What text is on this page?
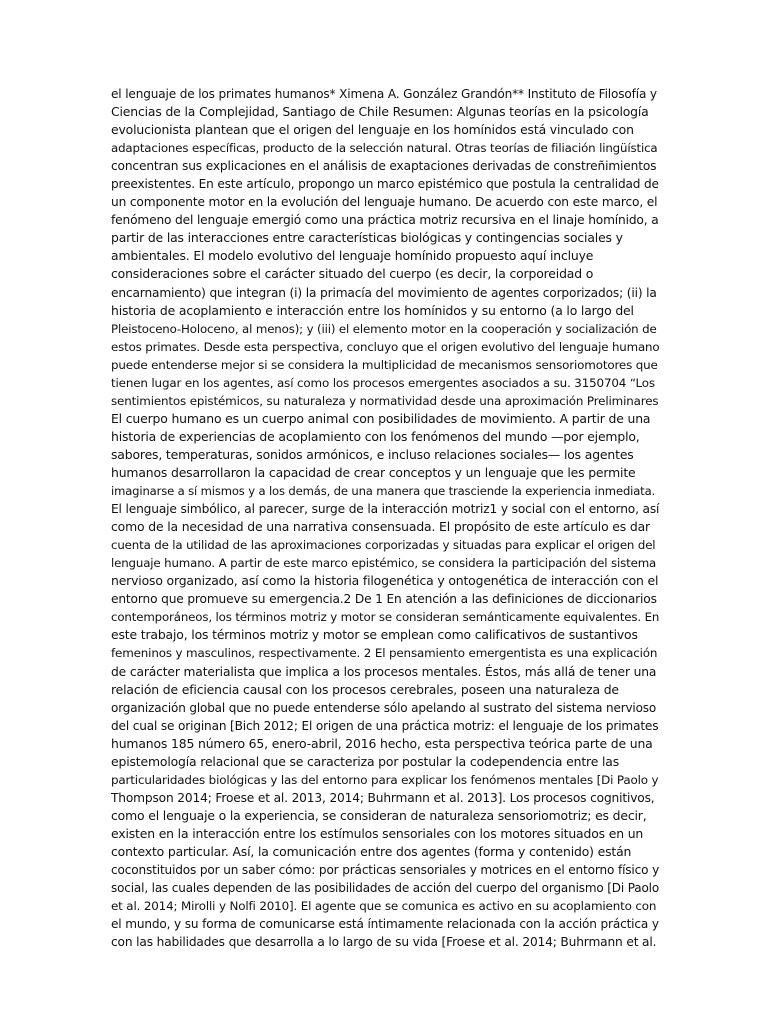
el lenguaje de los primates humanos* Ximena A. González Grandón** Instituto de Filosofía y
Ciencias de la Complejidad, Santiago de Chile Resumen: Algunas teorías en la psicología
evolucionista plantean que el origen del lenguaje en los homínidos está vinculado con
adaptaciones específicas, producto de la selección natural. Otras teorías de filiación lingüística
concentran sus explicaciones en el análisis de exaptaciones derivadas de constreñimientos
preexistentes. En este artículo, propongo un marco epistémico que postula la centralidad de
un componente motor en la evolución del lenguaje humano. De acuerdo con este marco, el
fenómeno del lenguaje emergió como una práctica motriz recursiva en el linaje homínido, a
partir de las interacciones entre características biológicas y contingencias sociales y
ambientales. El modelo evolutivo del lenguaje homínido propuesto aquí incluye
consideraciones sobre el carácter situado del cuerpo (es decir, la corporeidad o
encarnamiento) que integran (i) la primacía del movimiento de agentes corporizados; (ii) la
historia de acoplamiento e interacción entre los homínidos y su entorno (a lo largo del
Pleistoceno-Holoceno, al menos); y (iii) el elemento motor en la cooperación y socialización de
estos primates. Desde esta perspectiva, concluyo que el origen evolutivo del lenguaje humano
puede entenderse mejor si se considera la multiplicidad de mecanismos sensoriomotores que
tienen lugar en los agentes, así como los procesos emergentes asociados a su. 3150704 “Los
sentimientos epistémicos, su naturaleza y normatividad desde una aproximación Preliminares
El cuerpo humano es un cuerpo animal con posibilidades de movimiento. A partir de una
historia de experiencias de acoplamiento con los fenómenos del mundo —por ejemplo,
sabores, temperaturas, sonidos armónicos, e incluso relaciones sociales— los agentes
humanos desarrollaron la capacidad de crear conceptos y un lenguaje que les permite
imaginarse a sí mismos y a los demás, de una manera que trasciende la experiencia inmediata.
El lenguaje simbólico, al parecer, surge de la interacción motriz1 y social con el entorno, así
como de la necesidad de una narrativa consensuada. El propósito de este artículo es dar
cuenta de la utilidad de las aproximaciones corporizadas y situadas para explicar el origen del
lenguaje humano. A partir de este marco epistémico, se considera la participación del sistema
nervioso organizado, así como la historia filogenética y ontogenética de interacción con el
entorno que promueve su emergencia.2 De 1 En atención a las definiciones de diccionarios
contemporáneos, los términos motriz y motor se consideran semánticamente equivalentes. En
este trabajo, los términos motriz y motor se emplean como calificativos de sustantivos
femeninos y masculinos, respectivamente. 2 El pensamiento emergentista es una explicación
de carácter materialista que implica a los procesos mentales. Éstos, más allá de tener una
relación de eficiencia causal con los procesos cerebrales, poseen una naturaleza de
organización global que no puede entenderse sólo apelando al sustrato del sistema nervioso
del cual se originan [Bich 2012; El origen de una práctica motriz: el lenguaje de los primates
humanos 185 número 65, enero-abril, 2016 hecho, esta perspectiva teórica parte de una
epistemología relacional que se caracteriza por postular la codependencia entre las
particularidades biológicas y las del entorno para explicar los fenómenos mentales [Di Paolo y
Thompson 2014; Froese et al. 2013, 2014; Buhrmann et al. 2013]. Los procesos cognitivos,
como el lenguaje o la experiencia, se consideran de naturaleza sensoriomotriz; es decir,
existen en la interacción entre los estímulos sensoriales con los motores situados en un
contexto particular. Así, la comunicación entre dos agentes (forma y contenido) están
coconstituidos por un saber cómo: por prácticas sensoriales y motrices en el entorno físico y
social, las cuales dependen de las posibilidades de acción del cuerpo del organismo [Di Paolo
et al. 2014; Mirolli y Nolfi 2010]. El agente que se comunica es activo en su acoplamiento con
el mundo, y su forma de comunicarse está íntimamente relacionada con la acción práctica y
con las habilidades que desarrolla a lo largo de su vida [Froese et al. 2014; Buhrmann et al.
